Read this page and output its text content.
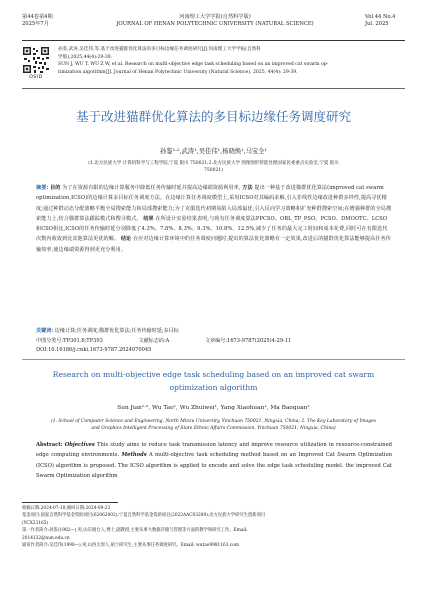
第44卷第4期
2025年7月
河南理工大学学报(自然科学版)
JOURNAL OF HENAN POLYTECHNIC UNIVERSITY (NATURAL SCIENCE)
Vol.44 No.4
Jul. 2025
OSID
孙鉴,武涛,吴佳伟,等.基于改进猫群优化算法的多目标边缘任务调度研究[J].河南理工大学学报(自然科
学版),2025,44(4):29-39.
SUN J, WU T, WU Z W, et al. Research on multi-objective edge task scheduling based on an improved cat swarm op-
timization algorithm[J]. Journal of Henan Polytechnic University (Natural Science), 2025, 44(4): 29-39.
基于改进猫群优化算法的多目标边缘任务调度研究
孙鉴¹·²,武涛¹,吴佳伟¹,杨晓焕¹,马宝全¹
(1.北方民族大学 计算机科学与工程学院,宁夏 银川 750021;2.北方民族大学 图像图形智能处理国家民委重点实验室,宁夏 银川
750021)
摘要: 目的 为了在资源有限的边缘计算服务中降低任务传输时延并提高边缘端资源利用率, 方法 提出一种基于改进猫群优化算法(improved cat swarm optimization,ICSO)的边缘计算多目标任务调度方法。在边缘计算任务调度模型上,采用ICSO对其编码求解,引入非线性边缘改进种群多样性,提高寻优精度;通过种群动态分配策略平衡全局搜索能力和局部搜索能力;为了克服迭代初期易陷入局部最优,引入反向学习策略和扩充种群搜索空间;在增强种群的全局搜索能力上,结合猫群算法跟踪模式和搜寻模式。 结果 在所设计实验结果表明,与现有任务调度算法PPCSO、OBL_TP_PSO、PCSO、DMOOTC、LCSO和CSO相比,ICSO的任务传输时延分别降低了4.3%、7.8%、8.3%、9.3%、10.8%、12.5%,减少了任务的最大完工时间和成本花费,同时可在有限迭代次数内收敛到比其他算法更优的解。 结论 在应对边缘计算环境中的任务调度问题时,提出的算法优化策略有一定效果,改进后的猫群优化算法能够提高任务传输效率,使边缘端资源得到更充分利用。
关键词: 边缘计算;任务调度;猫群优化算法;任务传输时延;多目标
中图分类号:TP301.6;TP393	文献标志码:A	文章编号:1673-9787(2025)4-29-11
DOI:10.16186/j.cnki.1673-9787.2024070045
Research on multi-objective edge task scheduling based on an improved cat swarm
optimization algorithm
Sun Jian¹·², Wu Tao¹, Wu Zhuiwei¹, Yang Xiaohuan¹, Ma Baoquan¹
(1. School of Computer Science and Engineering, North Minzu University, Yinchuan 750021, Ningxia, China; 2. The Key Laboratory of Images
and Graphics Intelligent Processing of State Ethnic Affairs Commission, Yinchuan 750021, Ningxia, China)
Abstract: Objectives This study aims to reduce task transmission latency and improve resource utilization in resource-constrained edge computing environments. Methods A multi-objective task scheduling method based on an Improved Cat Swarm Optimization (ICSO) algorithm is proposed. The ICSO algorithm is applied to encode and solve the edge task scheduling model. the improved Cat Swarm Optimization algorithm
收稿日期:2024-07-10;修回日期:2024-09-23
基金项目:国家自然科学基金资助项目(62062002);宁夏自然科学基金资助项目(2022AAC03289);北方民族大学研究生创新项目
(YCX23165)
第一作者简介:孙鉴(1982—),男,山东烟台人,博士,副教授,主要从事大数据存储与管理等方面的教学和研究工作。Email:
2014132@nun.edu.cn
通讯作者简介:吴佳伟(1998—),男,山西太原人,硕士研究生,主要从事任务调度研究。Email: wutao9981163.com
